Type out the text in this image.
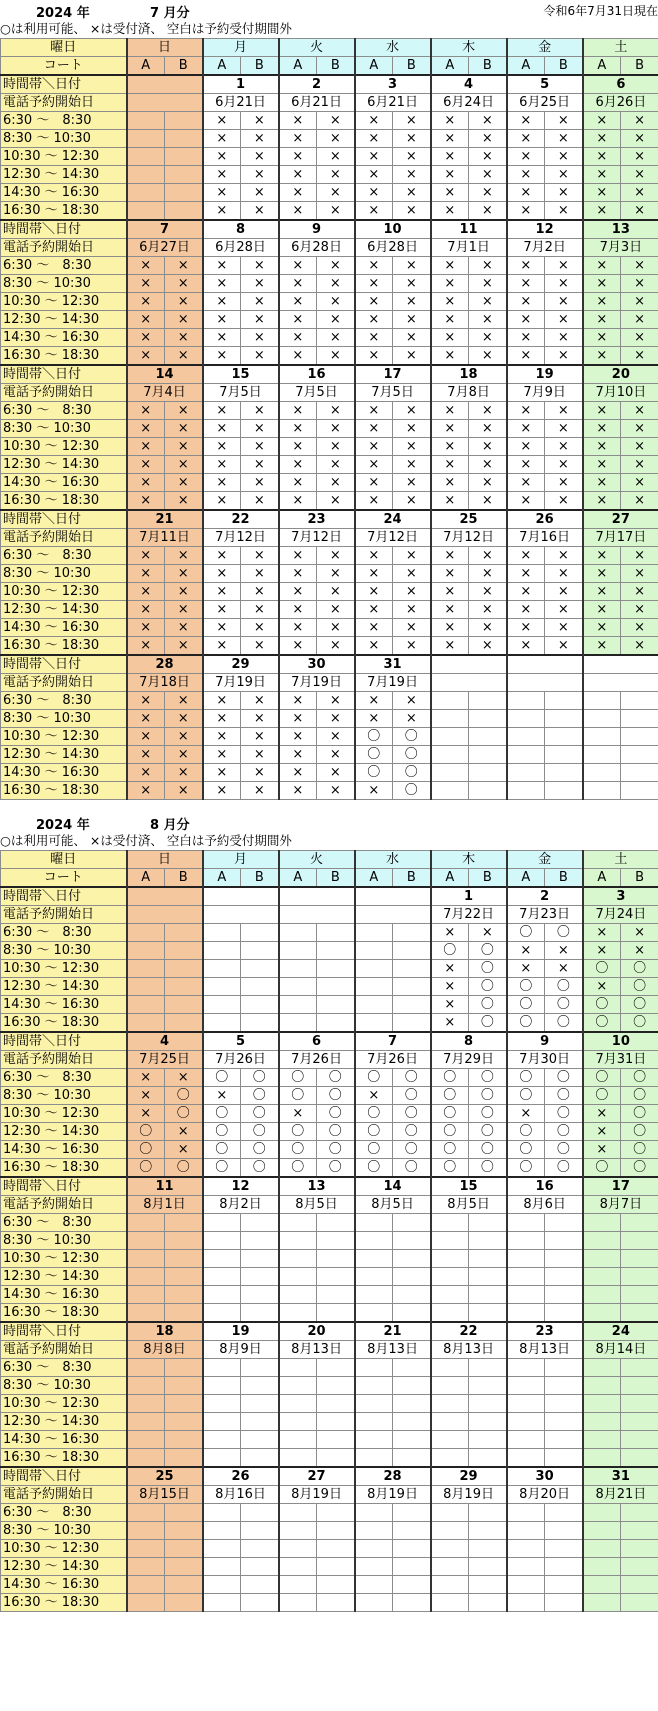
2024 年	7 月分	令和6年7月31日現在
○は利用可能、 ×は受付済、 空白は予約受付期間外
曜日	日		月		火		水		木		金		土	
コート	A	B	A	B	A	B	A	B	A	B	A	B	A	B
時間帯＼日付			1		2		3		4		5		6	
電話予約開始日			6月21日		6月21日		6月21日		6月24日		6月25日		6月26日	
6:30 ～　8:30			×	×	×	×	×	×	×	×	×	×	×	×
8:30 ～ 10:30			×	×	×	×	×	×	×	×	×	×	×	×
10:30 ～ 12:30			×	×	×	×	×	×	×	×	×	×	×	×
12:30 ～ 14:30			×	×	×	×	×	×	×	×	×	×	×	×
14:30 ～ 16:30			×	×	×	×	×	×	×	×	×	×	×	×
16:30 ～ 18:30			×	×	×	×	×	×	×	×	×	×	×	×
時間帯＼日付	7		8		9		10		11		12		13	
電話予約開始日	6月27日		6月28日		6月28日		6月28日		7月1日		7月2日		7月3日	
6:30 ～　8:30	×	×	×	×	×	×	×	×	×	×	×	×	×	×
8:30 ～ 10:30	×	×	×	×	×	×	×	×	×	×	×	×	×	×
10:30 ～ 12:30	×	×	×	×	×	×	×	×	×	×	×	×	×	×
12:30 ～ 14:30	×	×	×	×	×	×	×	×	×	×	×	×	×	×
14:30 ～ 16:30	×	×	×	×	×	×	×	×	×	×	×	×	×	×
16:30 ～ 18:30	×	×	×	×	×	×	×	×	×	×	×	×	×	×
時間帯＼日付	14		15		16		17		18		19		20	
電話予約開始日	7月4日		7月5日		7月5日		7月5日		7月8日		7月9日		7月10日	
6:30 ～　8:30	×	×	×	×	×	×	×	×	×	×	×	×	×	×
8:30 ～ 10:30	×	×	×	×	×	×	×	×	×	×	×	×	×	×
10:30 ～ 12:30	×	×	×	×	×	×	×	×	×	×	×	×	×	×
12:30 ～ 14:30	×	×	×	×	×	×	×	×	×	×	×	×	×	×
14:30 ～ 16:30	×	×	×	×	×	×	×	×	×	×	×	×	×	×
16:30 ～ 18:30	×	×	×	×	×	×	×	×	×	×	×	×	×	×
時間帯＼日付	21		22		23		24		25		26		27	
電話予約開始日	7月11日		7月12日		7月12日		7月12日		7月12日		7月16日		7月17日	
6:30 ～　8:30	×	×	×	×	×	×	×	×	×	×	×	×	×	×
8:30 ～ 10:30	×	×	×	×	×	×	×	×	×	×	×	×	×	×
10:30 ～ 12:30	×	×	×	×	×	×	×	×	×	×	×	×	×	×
12:30 ～ 14:30	×	×	×	×	×	×	×	×	×	×	×	×	×	×
14:30 ～ 16:30	×	×	×	×	×	×	×	×	×	×	×	×	×	×
16:30 ～ 18:30	×	×	×	×	×	×	×	×	×	×	×	×	×	×
時間帯＼日付	28		29		30		31							
電話予約開始日	7月18日		7月19日		7月19日		7月19日							
6:30 ～　8:30	×	×	×	×	×	×	×	×						
8:30 ～ 10:30	×	×	×	×	×	×	×	×						
10:30 ～ 12:30	×	×	×	×	×	×	〇	〇						
12:30 ～ 14:30	×	×	×	×	×	×	〇	〇						
14:30 ～ 16:30	×	×	×	×	×	×	〇	〇						
16:30 ～ 18:30	×	×	×	×	×	×	×	〇						
2024 年	8 月分
○は利用可能、 ×は受付済、 空白は予約受付期間外
曜日	日		月		火		水		木		金		土	
コート	A	B	A	B	A	B	A	B	A	B	A	B	A	B
時間帯＼日付									1		2		3	
電話予約開始日									7月22日		7月23日		7月24日	
6:30 ～　8:30									×	×	〇	〇	×	×
8:30 ～ 10:30									〇	〇	×	×	×	×
10:30 ～ 12:30									×	〇	×	×	〇	〇
12:30 ～ 14:30									×	〇	〇	〇	×	〇
14:30 ～ 16:30									×	〇	〇	〇	〇	〇
16:30 ～ 18:30									×	〇	〇	〇	〇	〇
時間帯＼日付	4		5		6		7		8		9		10	
電話予約開始日	7月25日		7月26日		7月26日		7月26日		7月29日		7月30日		7月31日	
6:30 ～　8:30	×	×	〇	〇	〇	〇	〇	〇	〇	〇	〇	〇	〇	〇
8:30 ～ 10:30	×	〇	×	〇	〇	〇	×	〇	〇	〇	〇	〇	〇	〇
10:30 ～ 12:30	×	〇	〇	〇	×	〇	〇	〇	〇	〇	×	〇	×	〇
12:30 ～ 14:30	〇	×	〇	〇	〇	〇	〇	〇	〇	〇	〇	〇	×	〇
14:30 ～ 16:30	〇	×	〇	〇	〇	〇	〇	〇	〇	〇	〇	〇	×	〇
16:30 ～ 18:30	〇	〇	〇	〇	〇	〇	〇	〇	〇	〇	〇	〇	〇	〇
時間帯＼日付	11		12		13		14		15		16		17	
電話予約開始日	8月1日		8月2日		8月5日		8月5日		8月5日		8月6日		8月7日	
6:30 ～　8:30														
8:30 ～ 10:30														
10:30 ～ 12:30														
12:30 ～ 14:30														
14:30 ～ 16:30														
16:30 ～ 18:30														
時間帯＼日付	18		19		20		21		22		23		24	
電話予約開始日	8月8日		8月9日		8月13日		8月13日		8月13日		8月13日		8月14日	
6:30 ～　8:30														
8:30 ～ 10:30														
10:30 ～ 12:30														
12:30 ～ 14:30														
14:30 ～ 16:30														
16:30 ～ 18:30														
時間帯＼日付	25		26		27		28		29		30		31	
電話予約開始日	8月15日		8月16日		8月19日		8月19日		8月19日		8月20日		8月21日	
6:30 ～　8:30														
8:30 ～ 10:30														
10:30 ～ 12:30														
12:30 ～ 14:30														
14:30 ～ 16:30														
16:30 ～ 18:30														
